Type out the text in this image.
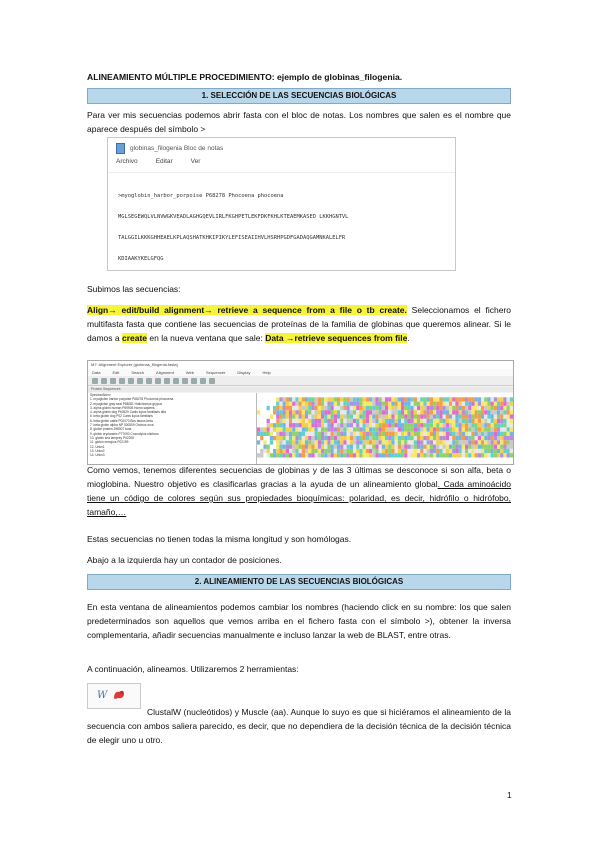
ALINEAMIENTO MÚLTIPLE PROCEDIMIENTO: ejemplo de globinas_filogenia.
1. SELECCIÓN DE LAS SECUENCIAS BIOLÓGICAS
Para ver mis secuencias podemos abrir fasta con el bloc de notas. Los nombres que salen es el nombre que aparece después del símbolo >
globinas_filogenia Bloc de notas
Archivo	Editar	Ver

>myoglobin_harbor_porpoise P68278 Phocoena phocoena

MGLSEGEWQLVLNVWGKVEADLAGHGQEVLIRLFKGHPETLEKFDKFKHLKTEAEMKASED LKKHGNTVL

TALGGILKKKGHHEAELKPLAQSHATKHKIPIKYLEFISEAIIHVLHSRHPGDFGADAQGAMNKALELFR

KDIAAKYKELGFQG

Subimos las secuencias:
Align→ edit/build alignment→ retrieve a sequence from a file o tb create. Seleccionamos el fichero multifasta fasta que contiene las secuencias de proteínas de la familia de globinas que queremos alinear. Si le damos a create en la nueva ventana que sale: Data →retrieve sequences from file.
M7: Alignment Explorer (globinas_filogenia.fasta)
Data	Edit	Search	Alignment	Web	Sequencer	Display	Help
Protein Sequences
Species/Abbrv
1. myoglobin harbor porpoise P68278 Phocoena phocoena
2. myoglobin gray seal P68081 Halichoerus grypus
3. alpha globin human P69905 Homo sapiens
4. alpha globin dog P60529 Canis lupus familiaris alfa
5. beta globin dog P02 Canis lupus familiaris
6. beta globin cattle P02070 Bos taurus beta
7. beta globin alpha NP 000509 Orcinus orca
8. globin protein 298007 tuna
9. globin cryrlandris P77090 Crocodylus niloticus
10. globin sea lamprey P02208
11. globin xenopus P02199
12. Unkn1
13. Unkn2
14. Unkn3
Como vemos, tenemos diferentes secuencias de globinas y de las 3 últimas se desconoce si son alfa, beta o mioglobina. Nuestro objetivo es clasificarlas gracias a la ayuda de un alineamiento global. Cada aminoácido tiene un código de colores según sus propiedades bioquímicas: polaridad, es decir, hidrófilo o hidrófobo, tamaño,…
Estas secuencias no tienen todas la misma longitud y son homólogas.
Abajo a la izquierda hay un contador de posiciones.
2. ALINEAMIENTO DE LAS SECUENCIAS BIOLÓGICAS
En esta ventana de alineamientos podemos cambiar los nombres (haciendo click en su nombre: los que salen predeterminados son aquellos que vemos arriba en el fichero fasta con el símbolo >), obtener la inversa complementaria, añadir secuencias manualmente e incluso lanzar la web de BLAST, entre otras.
A continuación, alineamos. Utilizaremos 2 herramientas:
W
ClustalW (nucleótidos) y Muscle (aa). Aunque lo suyo es que si hiciéramos el alineamiento de la secuencia con ambos saliera parecido, es decir, que no dependiera de la decisión técnica de la decisión técnica de elegir uno u otro.
1
